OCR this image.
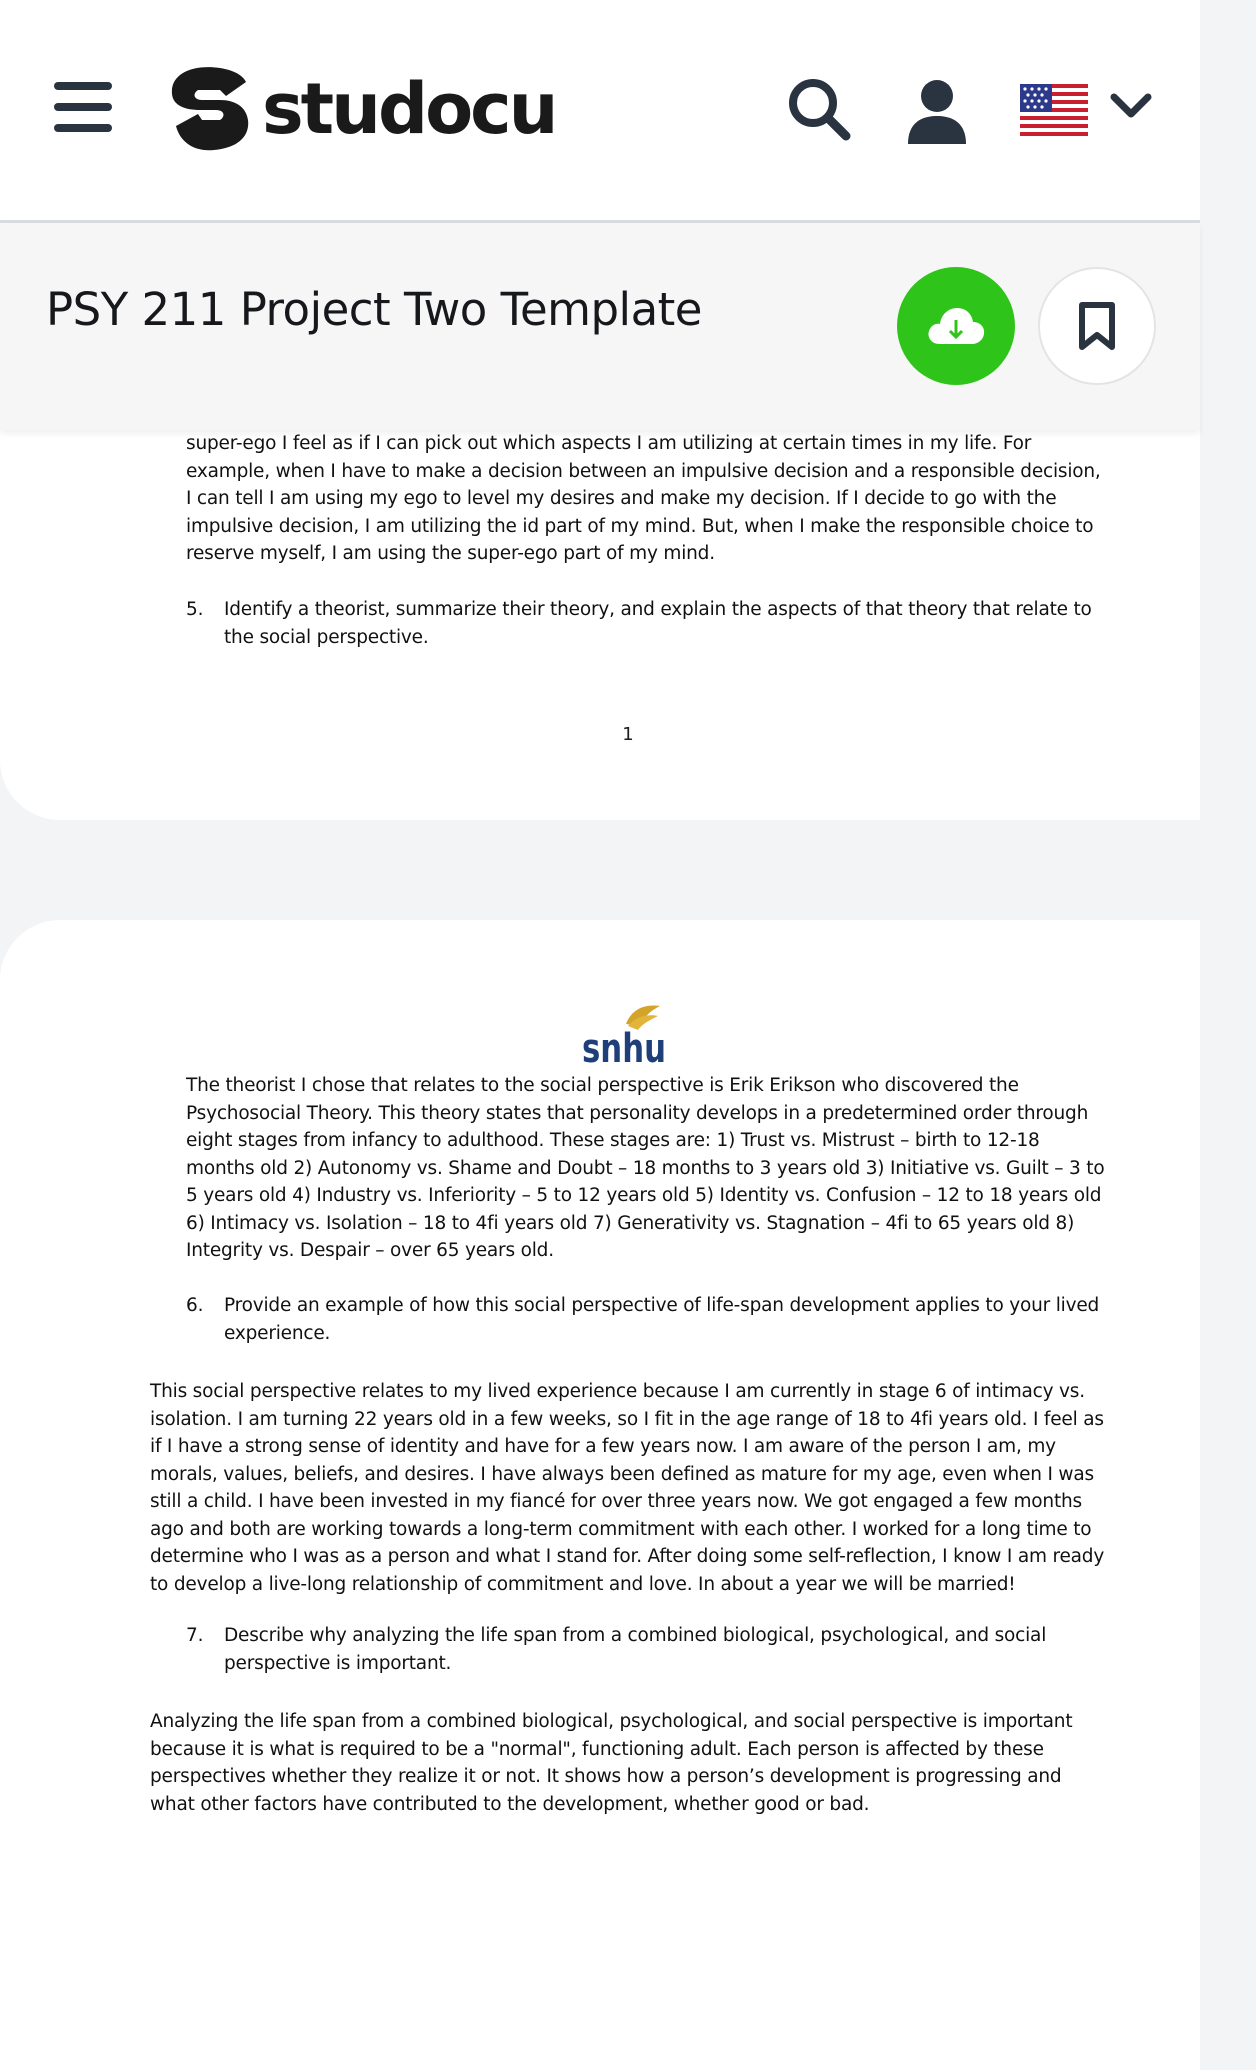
studocu
PSY 211 Project Two Template
super-ego I feel as if I can pick out which aspects I am utilizing at certain times in my life. For example, when I have to make a decision between an impulsive decision and a responsible decision, I can tell I am using my ego to level my desires and make my decision. If I decide to go with the impulsive decision, I am utilizing the id part of my mind. But, when I make the responsible choice to reserve myself, I am using the super-ego part of my mind.
5.	Identify a theorist, summarize their theory, and explain the aspects of that theory that relate to the social perspective.
1
snhu
The theorist I chose that relates to the social perspective is Erik Erikson who discovered the Psychosocial Theory. This theory states that personality develops in a predetermined order through eight stages from infancy to adulthood. These stages are: 1) Trust vs. Mistrust – birth to 12-18 months old 2) Autonomy vs. Shame and Doubt – 18 months to 3 years old 3) Initiative vs. Guilt – 3 to 5 years old 4) Industry vs. Inferiority – 5 to 12 years old 5) Identity vs. Confusion – 12 to 18 years old 6) Intimacy vs. Isolation – 18 to 4fi years old 7) Generativity vs. Stagnation – 4fi to 65 years old 8) Integrity vs. Despair – over 65 years old.
6.	Provide an example of how this social perspective of life-span development applies to your lived experience.
This social perspective relates to my lived experience because I am currently in stage 6 of intimacy vs. isolation. I am turning 22 years old in a few weeks, so I fit in the age range of 18 to 4fi years old. I feel as if I have a strong sense of identity and have for a few years now. I am aware of the person I am, my morals, values, beliefs, and desires. I have always been defined as mature for my age, even when I was still a child. I have been invested in my fiancé for over three years now. We got engaged a few months ago and both are working towards a long-term commitment with each other. I worked for a long time to determine who I was as a person and what I stand for. After doing some self-reflection, I know I am ready to develop a live-long relationship of commitment and love. In about a year we will be married!
7.	Describe why analyzing the life span from a combined biological, psychological, and social perspective is important.
Analyzing the life span from a combined biological, psychological, and social perspective is important because it is what is required to be a "normal", functioning adult. Each person is affected by these perspectives whether they realize it or not. It shows how a person’s development is progressing and what other factors have contributed to the development, whether good or bad.
